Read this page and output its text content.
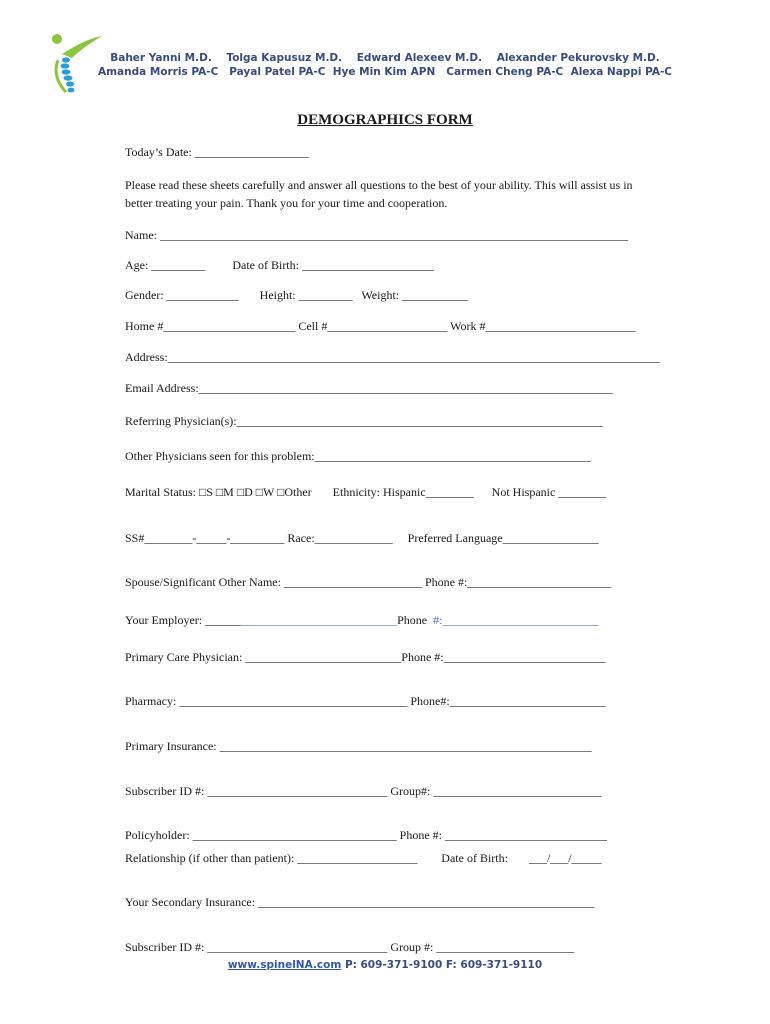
Baher Yanni M.D.    Tolga Kapusuz M.D.    Edward Alexeev M.D.    Alexander Pekurovsky M.D.
Amanda Morris PA-C   Payal Patel PA-C  Hye Min Kim APN   Carmen Cheng PA-C  Alexa Nappi PA-C
DEMOGRAPHICS FORM
Today’s Date: ___________________
Please read these sheets carefully and answer all questions to the best of your ability. This will assist us in
better treating your pain. Thank you for your time and cooperation.
Name: ______________________________________________________________________________
Age: _________         Date of Birth: ______________________
Gender: ____________       Height: _________   Weight: ___________
Home #______________________ Cell #____________________ Work #_________________________
Address:__________________________________________________________________________________
Email Address:_____________________________________________________________________
Referring Physician(s):_____________________________________________________________
Other Physicians seen for this problem:______________________________________________
Marital Status: □S □M □D □W □Other       Ethnicity: Hispanic________      Not Hispanic ________
SS#________-_____-_________ Race:_____________     Preferred Language________________
Spouse/Significant Other Name: _______________________ Phone #:________________________
Your Employer: ________________________________Phone  #:__________________________
Primary Care Physician: __________________________Phone #:___________________________
Pharmacy: ______________________________________ Phone#:__________________________
Primary Insurance: ______________________________________________________________
Subscriber ID #: ______________________________ Group#: ____________________________
Policyholder: __________________________________ Phone #: ___________________________
Relationship (if other than patient): ____________________        Date of Birth:       ___/___/_____
Your Secondary Insurance: ________________________________________________________
Subscriber ID #: ______________________________ Group #: _______________________
www.spinelNA.com P: 609-371-9100 F: 609-371-9110
